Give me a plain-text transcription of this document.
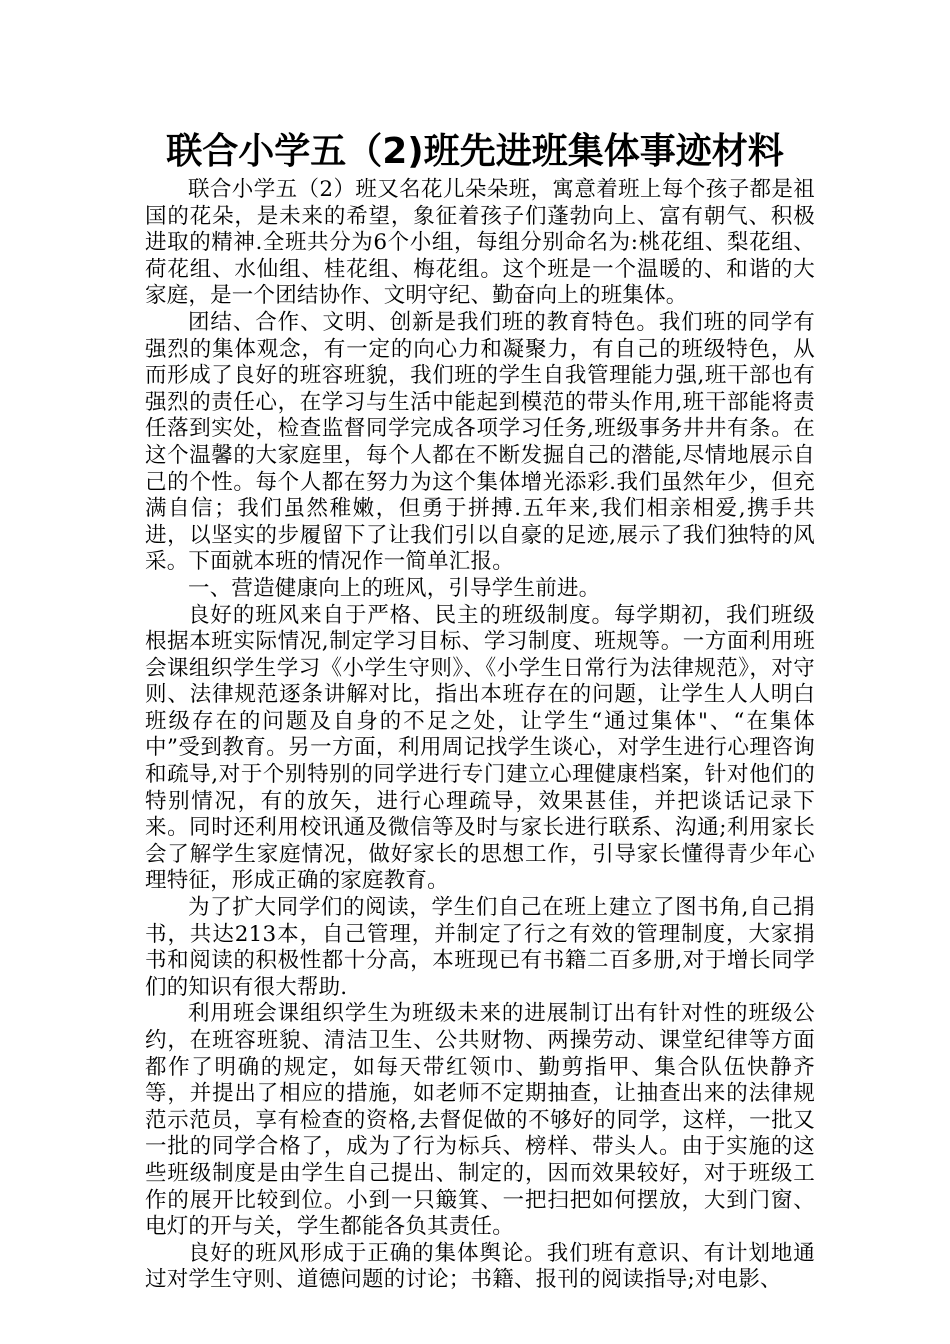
联合小学五（2)班先进班集体事迹材料

联合小学五（2）班又名花儿朵朵班，寓意着班上每个孩子都是祖国的花朵，是未来的希望，象征着孩子们蓬勃向上、富有朝气、积极进取的精神.全班共分为6个小组，每组分别命名为:桃花组、梨花组、荷花组、水仙组、桂花组、梅花组。这个班是一个温暖的、和谐的大家庭，是一个团结协作、文明守纪、勤奋向上的班集体。

团结、合作、文明、创新是我们班的教育特色。我们班的同学有强烈的集体观念，有一定的向心力和凝聚力，有自己的班级特色，从而形成了良好的班容班貌，我们班的学生自我管理能力强,班干部也有强烈的责任心，在学习与生活中能起到模范的带头作用,班干部能将责任落到实处，检查监督同学完成各项学习任务,班级事务井井有条。在这个温馨的大家庭里，每个人都在不断发掘自己的潜能,尽情地展示自己的个性。每个人都在努力为这个集体增光添彩.我们虽然年少，但充满自信；我们虽然稚嫩，但勇于拼搏.五年来,我们相亲相爱,携手共进，以坚实的步履留下了让我们引以自豪的足迹,展示了我们独特的风采。下面就本班的情况作一简单汇报。

一、营造健康向上的班风，引导学生前进。

良好的班风来自于严格、民主的班级制度。每学期初，我们班级根据本班实际情况,制定学习目标、学习制度、班规等。一方面利用班会课组织学生学习《小学生守则》、《小学生日常行为法律规范》，对守则、法律规范逐条讲解对比，指出本班存在的问题，让学生人人明白班级存在的问题及自身的不足之处，让学生“通过集体"、“在集体中”受到教育。另一方面，利用周记找学生谈心，对学生进行心理咨询和疏导,对于个别特别的同学进行专门建立心理健康档案，针对他们的特别情况，有的放矢，进行心理疏导，效果甚佳，并把谈话记录下来。同时还利用校讯通及微信等及时与家长进行联系、沟通;利用家长会了解学生家庭情况，做好家长的思想工作，引导家长懂得青少年心理特征，形成正确的家庭教育。

为了扩大同学们的阅读，学生们自己在班上建立了图书角,自己捐书，共达213本，自己管理，并制定了行之有效的管理制度，大家捐书和阅读的积极性都十分高，本班现已有书籍二百多册,对于增长同学们的知识有很大帮助.

利用班会课组织学生为班级未来的进展制订出有针对性的班级公约，在班容班貌、清洁卫生、公共财物、两操劳动、课堂纪律等方面都作了明确的规定，如每天带红领巾、勤剪指甲、集合队伍快静齐等，并提出了相应的措施，如老师不定期抽查，让抽查出来的法律规范示范员，享有检查的资格,去督促做的不够好的同学，这样，一批又一批的同学合格了，成为了行为标兵、榜样、带头人。由于实施的这些班级制度是由学生自己提出、制定的，因而效果较好，对于班级工作的展开比较到位。小到一只簸箕、一把扫把如何摆放，大到门窗、电灯的开与关，学生都能各负其责任。

良好的班风形成于正确的集体舆论。我们班有意识、有计划地通过对学生守则、道德问题的讨论；书籍、报刊的阅读指导;对电影、
